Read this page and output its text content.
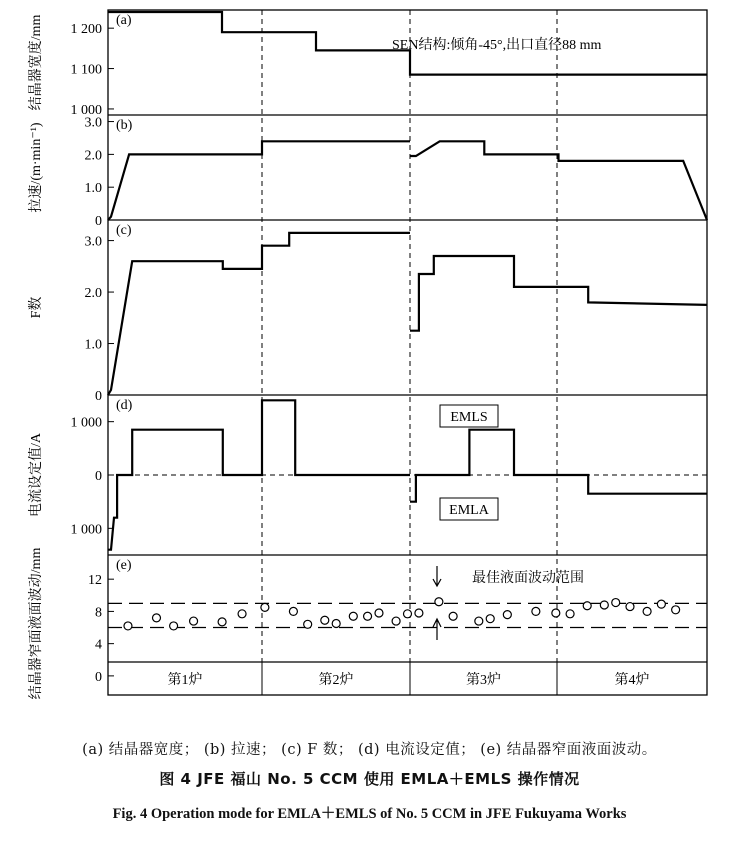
(a)
1 000
1 100
1 200
结晶器宽度/mm	SEN结构:倾角-45°,出口直径88 mm
(b)
0
1.0
2.0
3.0
拉速/(m·min⁻¹)
(c)
0
1.0
2.0
3.0
F数
(d)
1 000
0
1 000
电流设定值/A
EMLS
EMLA
(e)
0
4
8
12
结晶器窄面液面波动/mm	最佳液面波动范围
第1炉	第2炉	第3炉	第4炉
(a) 结晶器宽度； (b) 拉速； (c) F 数； (d) 电流设定值； (e) 结晶器窄面液面波动。
图 4 JFE 福山 No. 5 CCM 使用 EMLA＋EMLS 操作情况
Fig. 4 Operation mode for EMLA＋EMLS of No. 5 CCM in JFE Fukuyama Works
